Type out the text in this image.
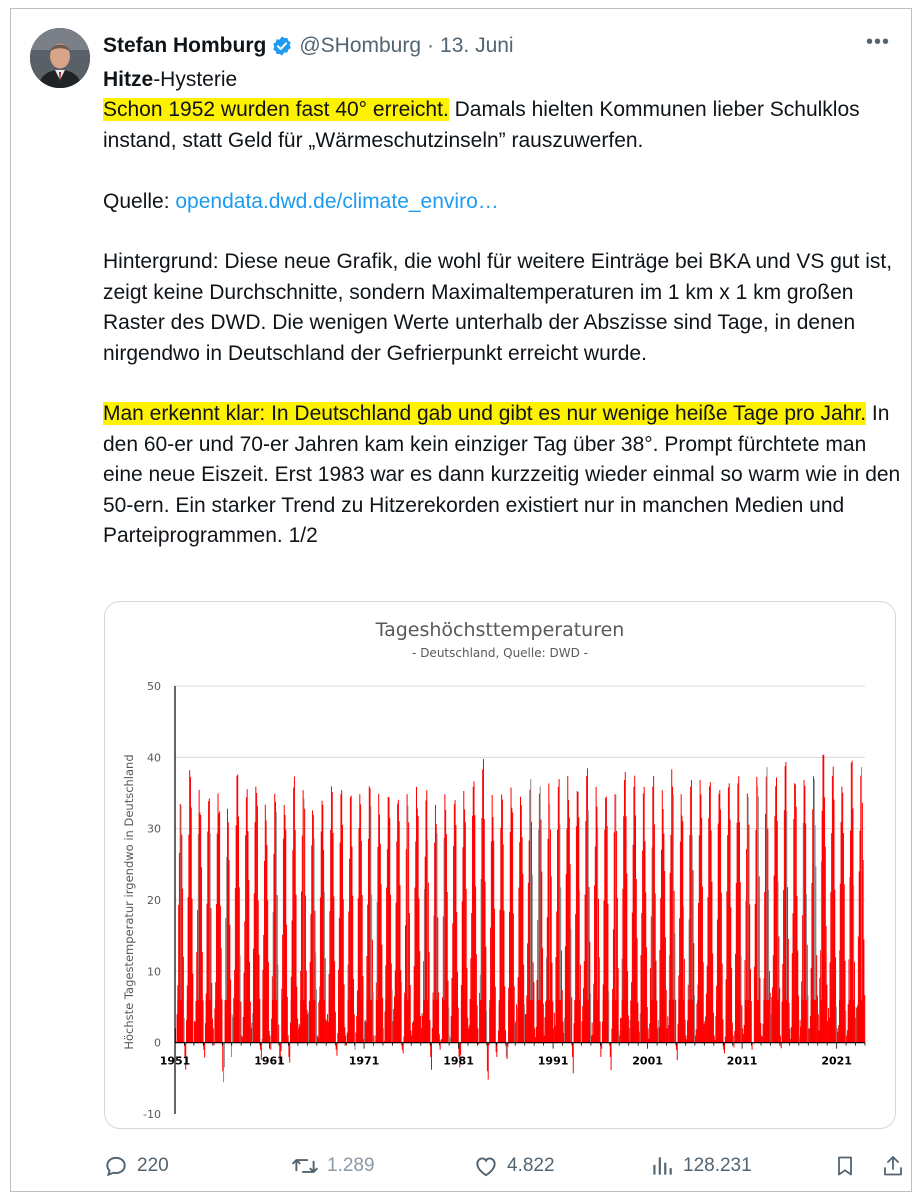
Stefan Homburg @SHomburg · 13. Juni	•••

Hitze-Hysterie

Schon 1952 wurden fast 40° erreicht. Damals hielten Kommunen lieber Schulklos instand, statt Geld für „Wärmeschutzinseln” rauszuwerfen.

Quelle: opendata.dwd.de/climate_enviro…

Hintergrund: Diese neue Grafik, die wohl für weitere Einträge bei BKA und VS gut ist, zeigt keine Durchschnitte, sondern Maximaltemperaturen im 1 km x 1 km großen Raster des DWD. Die wenigen Werte unterhalb der Abszisse sind Tage, in denen nirgendwo in Deutschland der Gefrierpunkt erreicht wurde.

Man erkennt klar: In Deutschland gab und gibt es nur wenige heiße Tage pro Jahr. In den 60-er und 70-er Jahren kam kein einziger Tag über 38°. Prompt fürchtete man eine neue Eiszeit. Erst 1983 war es dann kurzzeitig wieder einmal so warm wie in den 50-ern. Ein starker Trend zu Hitzerekorden existiert nur in manchen Medien und Parteiprogrammen. 1/2

Tageshöchsttemperaturen
- Deutschland, Quelle: DWD -
Höchste Tagestemperatur irgendwo in Deutschland
-10
0
10
20
30
40
50
1951	1961	1971	1981	1991	2001	2011	2021
220	1.289	4.822	128.231
